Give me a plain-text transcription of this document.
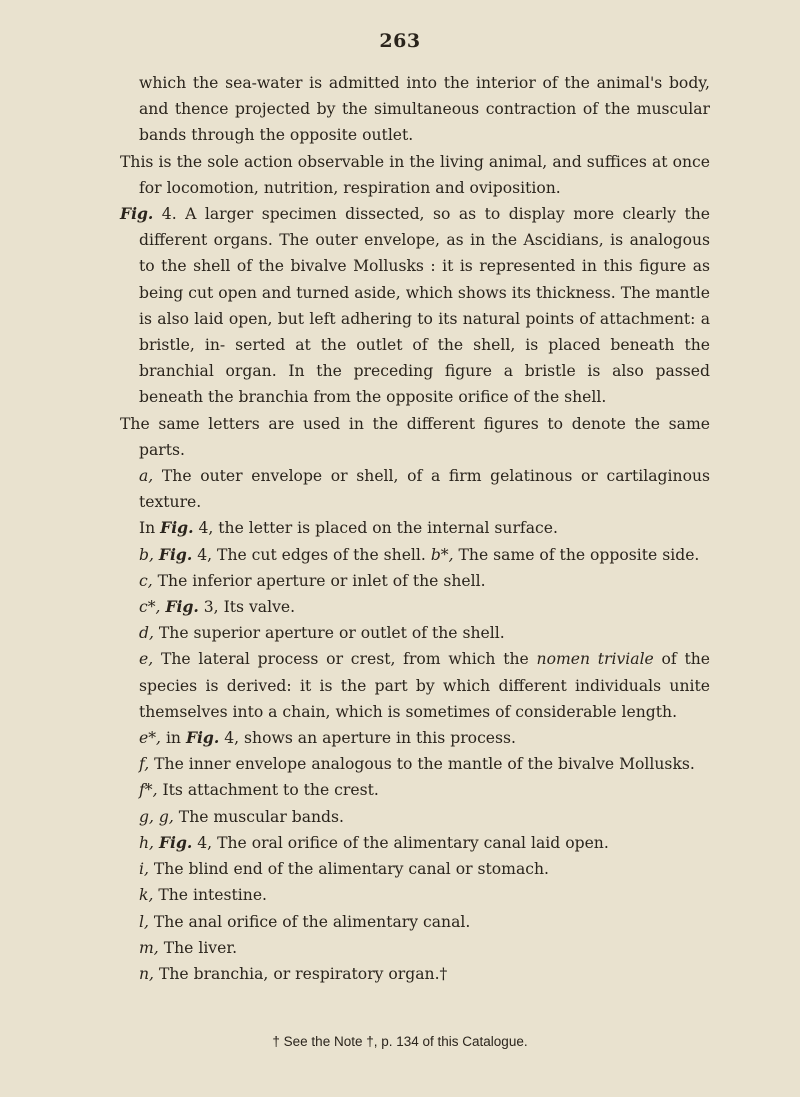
263

which the sea-water is admitted into the interior of the animal's body, and thence projected by the simultaneous contraction of the muscular bands through the opposite outlet.

This is the sole action observable in the living animal, and suffices at once for locomotion, nutrition, respiration and oviposition.

Fig. 4. A larger specimen dissected, so as to display more clearly the different organs. The outer envelope, as in the Ascidians, is analogous to the shell of the bivalve Mollusks : it is represented in this figure as being cut open and turned aside, which shows its thickness. The mantle is also laid open, but left adhering to its natural points of attachment: a bristle, in- serted at the outlet of the shell, is placed beneath the branchial organ. In the preceding figure a bristle is also passed beneath the branchia from the opposite orifice of the shell.

The same letters are used in the different figures to denote the same parts.

a, The outer envelope or shell, of a firm gelatinous or cartilaginous texture.

In Fig. 4, the letter is placed on the internal surface.

b, Fig. 4, The cut edges of the shell. b*, The same of the opposite side.

c, The inferior aperture or inlet of the shell.

c*, Fig. 3, Its valve.

d, The superior aperture or outlet of the shell.

e, The lateral process or crest, from which the nomen triviale of the species is derived: it is the part by which different individuals unite themselves into a chain, which is sometimes of considerable length.

e*, in Fig. 4, shows an aperture in this process.

f, The inner envelope analogous to the mantle of the bivalve Mollusks.

f*, Its attachment to the crest.

g, g, The muscular bands.

h, Fig. 4, The oral orifice of the alimentary canal laid open.

i, The blind end of the alimentary canal or stomach.

k, The intestine.

l, The anal orifice of the alimentary canal.

m, The liver.

n, The branchia, or respiratory organ.†

† See the Note †, p. 134 of this Catalogue.
